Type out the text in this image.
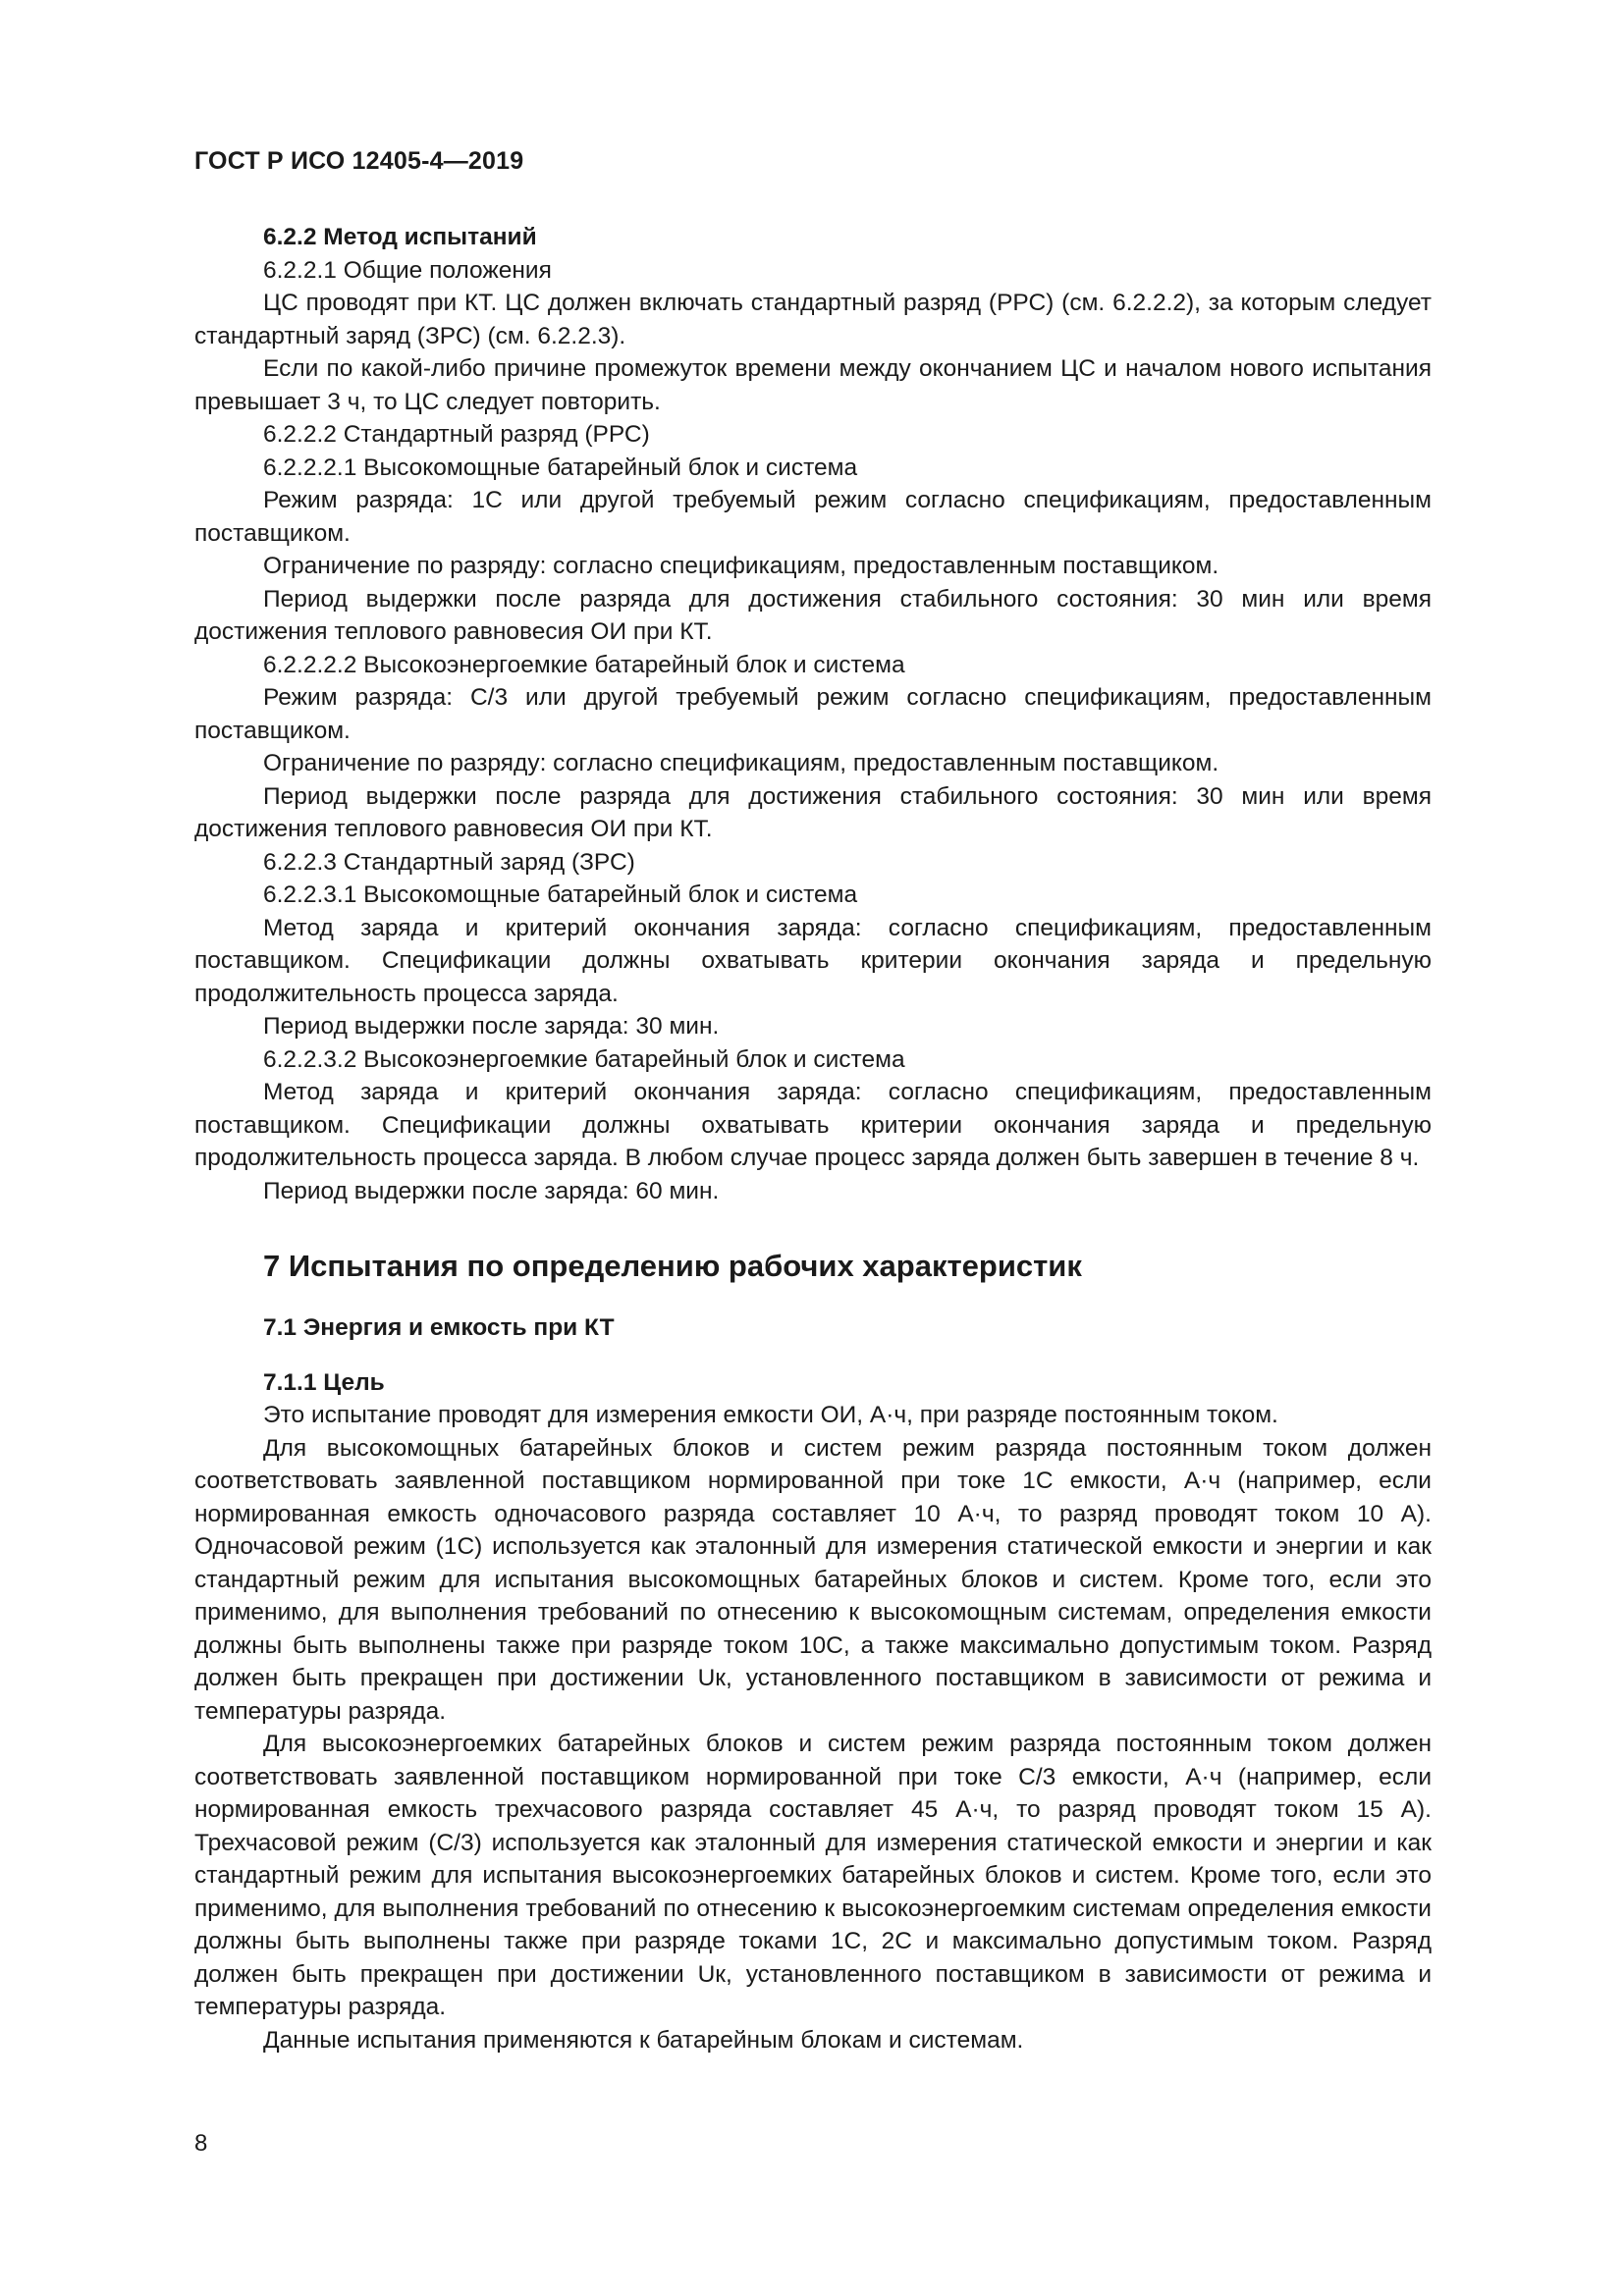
ГОСТ Р ИСО 12405-4—2019

6.2.2 Метод испытаний

6.2.2.1 Общие положения

ЦС проводят при КТ. ЦС должен включать стандартный разряд (РРС) (см. 6.2.2.2), за которым следует стандартный заряд (ЗРС) (см. 6.2.2.3).

Если по какой-либо причине промежуток времени между окончанием ЦС и началом нового испытания превышает 3 ч, то ЦС следует повторить.

6.2.2.2 Стандартный разряд (РРС)

6.2.2.2.1 Высокомощные батарейный блок и система

Режим разряда: 1C или другой требуемый режим согласно спецификациям, предоставленным поставщиком.

Ограничение по разряду: согласно спецификациям, предоставленным поставщиком.

Период выдержки после разряда для достижения стабильного состояния: 30 мин или время достижения теплового равновесия ОИ при КТ.

6.2.2.2.2 Высокоэнергоемкие батарейный блок и система

Режим разряда: C/3 или другой требуемый режим согласно спецификациям, предоставленным поставщиком.

Ограничение по разряду: согласно спецификациям, предоставленным поставщиком.

Период выдержки после разряда для достижения стабильного состояния: 30 мин или время достижения теплового равновесия ОИ при КТ.

6.2.2.3 Стандартный заряд (ЗРС)

6.2.2.3.1 Высокомощные батарейный блок и система

Метод заряда и критерий окончания заряда: согласно спецификациям, предоставленным поставщиком. Спецификации должны охватывать критерии окончания заряда и предельную продолжительность процесса заряда.

Период выдержки после заряда: 30 мин.

6.2.2.3.2 Высокоэнергоемкие батарейный блок и система

Метод заряда и критерий окончания заряда: согласно спецификациям, предоставленным поставщиком. Спецификации должны охватывать критерии окончания заряда и предельную продолжительность процесса заряда. В любом случае процесс заряда должен быть завершен в течение 8 ч.

Период выдержки после заряда: 60 мин.

7 Испытания по определению рабочих характеристик

7.1 Энергия и емкость при КТ

7.1.1 Цель

Это испытание проводят для измерения емкости ОИ, А·ч, при разряде постоянным током.

Для высокомощных батарейных блоков и систем режим разряда постоянным током должен соответствовать заявленной поставщиком нормированной при токе 1C емкости, А·ч (например, если нормированная емкость одночасового разряда составляет 10 А·ч, то разряд проводят током 10 А). Одночасовой режим (1C) используется как эталонный для измерения статической емкости и энергии и как стандартный режим для испытания высокомощных батарейных блоков и систем. Кроме того, если это применимо, для выполнения требований по отнесению к высокомощным системам, определения емкости должны быть выполнены также при разряде током 10C, а также максимально допустимым током. Разряд должен быть прекращен при достижении Uк, установленного поставщиком в зависимости от режима и температуры разряда.

Для высокоэнергоемких батарейных блоков и систем режим разряда постоянным током должен соответствовать заявленной поставщиком нормированной при токе C/3 емкости, А·ч (например, если нормированная емкость трехчасового разряда составляет 45 А·ч, то разряд проводят током 15 А). Трехчасовой режим (C/3) используется как эталонный для измерения статической емкости и энергии и как стандартный режим для испытания высокоэнергоемких батарейных блоков и систем. Кроме того, если это применимо, для выполнения требований по отнесению к высокоэнергоемким системам определения емкости должны быть выполнены также при разряде токами 1C, 2C и максимально допустимым током. Разряд должен быть прекращен при достижении Uк, установленного поставщиком в зависимости от режима и температуры разряда.

Данные испытания применяются к батарейным блокам и системам.

8
